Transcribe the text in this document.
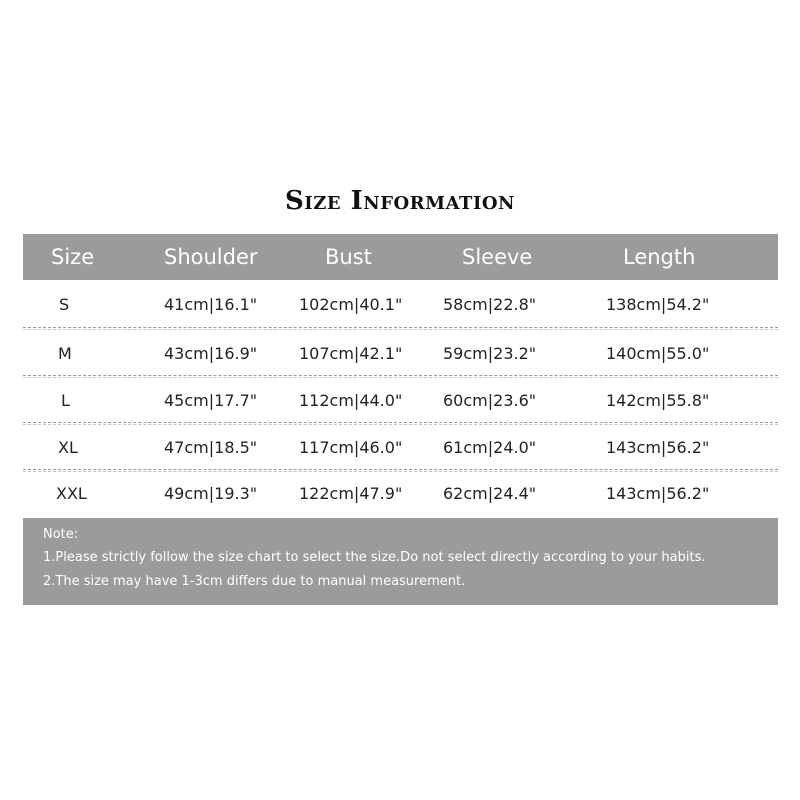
Size Information
Size	Shoulder	Bust	Sleeve	Length
S	41cm|16.1"	102cm|40.1"	58cm|22.8"	138cm|54.2"
M	43cm|16.9"	107cm|42.1"	59cm|23.2"	140cm|55.0"
L	45cm|17.7"	112cm|44.0"	60cm|23.6"	142cm|55.8"
XL	47cm|18.5"	117cm|46.0"	61cm|24.0"	143cm|56.2"
XXL	49cm|19.3"	122cm|47.9"	62cm|24.4"	143cm|56.2"
Note:
1.Please strictly follow the size chart to select the size.Do not select directly according to your habits.
2.The size may have 1-3cm differs due to manual measurement.
